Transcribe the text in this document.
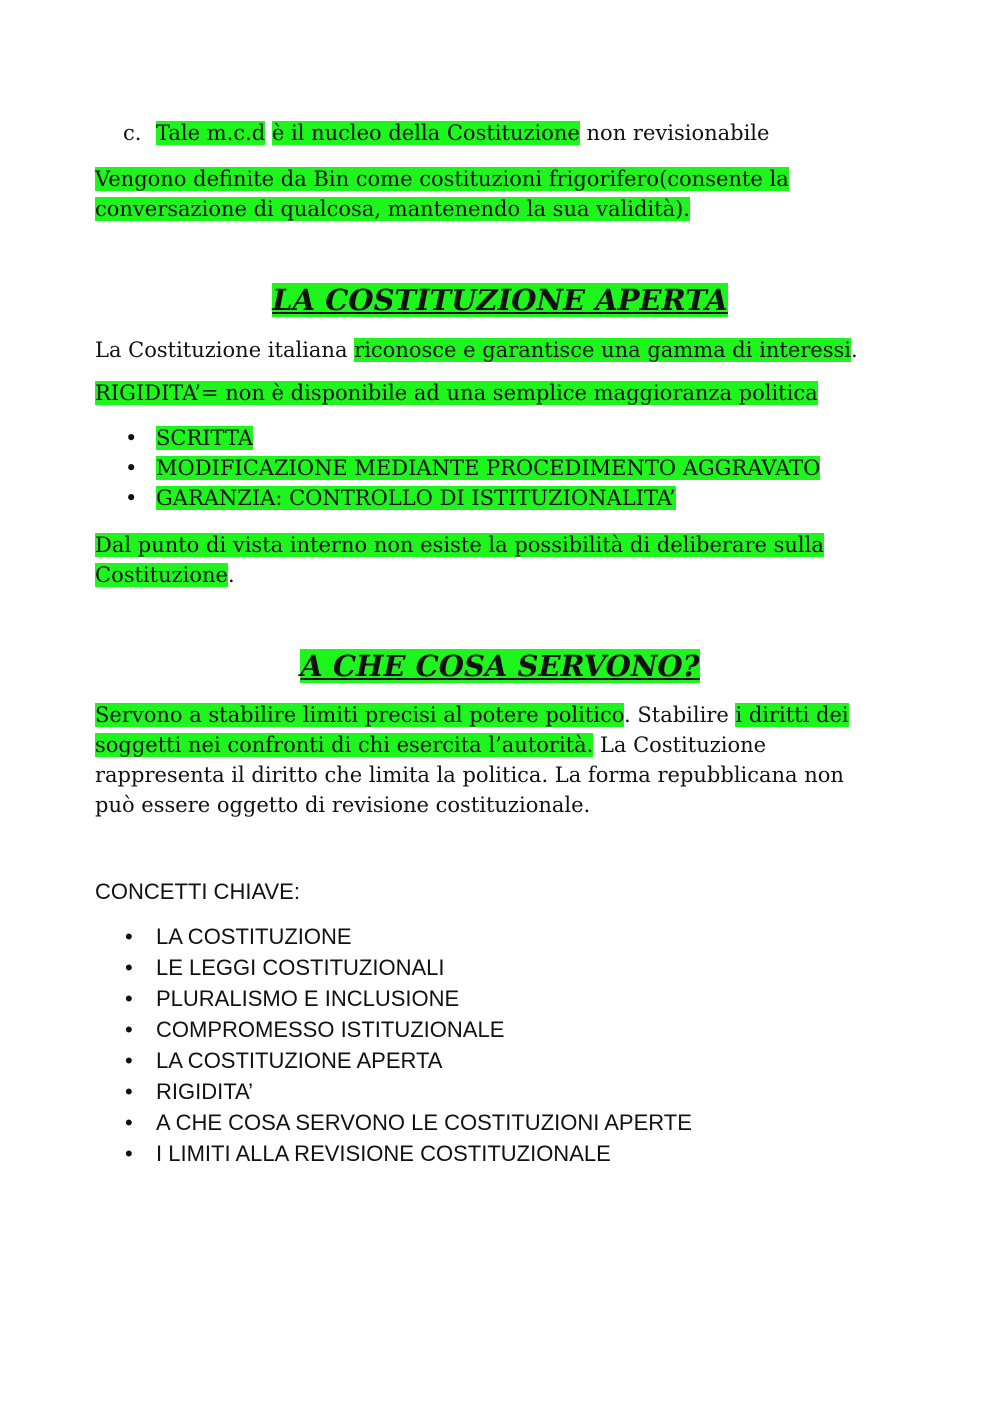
c. Tale m.c.d è il nucleo della Costituzione non revisionabile

Vengono definite da Bin come costituzioni frigorifero(consente la
conversazione di qualcosa, mantenendo la sua validità).

LA COSTITUZIONE APERTA

La Costituzione italiana riconosce e garantisce una gamma di interessi.

RIGIDITA’= non è disponibile ad una semplice maggioranza politica

• SCRITTA
• MODIFICAZIONE MEDIANTE PROCEDIMENTO AGGRAVATO
• GARANZIA: CONTROLLO DI ISTITUZIONALITA’

Dal punto di vista interno non esiste la possibilità di deliberare sulla
Costituzione.

A CHE COSA SERVONO?

Servono a stabilire limiti precisi al potere politico. Stabilire i diritti dei
soggetti nei confronti di chi esercita l’autorità. La Costituzione
rappresenta il diritto che limita la politica. La forma repubblicana non
può essere oggetto di revisione costituzionale.

CONCETTI CHIAVE:

• LA COSTITUZIONE
• LE LEGGI COSTITUZIONALI
• PLURALISMO E INCLUSIONE
• COMPROMESSO ISTITUZIONALE
• LA COSTITUZIONE APERTA
• RIGIDITA’
• A CHE COSA SERVONO LE COSTITUZIONI APERTE
• I LIMITI ALLA REVISIONE COSTITUZIONALE
